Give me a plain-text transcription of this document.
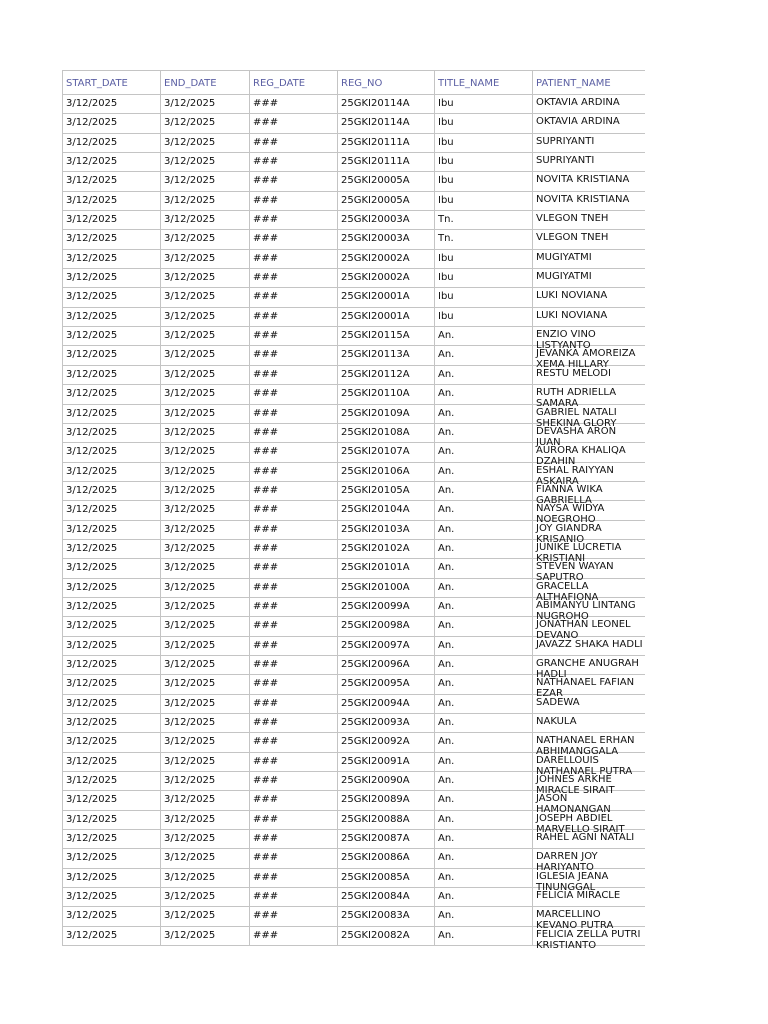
START_DATE	END_DATE	REG_DATE	REG_NO	TITLE_NAME	PATIENT_NAME
3/12/2025	3/12/2025	###	25GKI20114A	Ibu	OKTAVIA ARDINA
3/12/2025	3/12/2025	###	25GKI20114A	Ibu	OKTAVIA ARDINA
3/12/2025	3/12/2025	###	25GKI20111A	Ibu	SUPRIYANTI
3/12/2025	3/12/2025	###	25GKI20111A	Ibu	SUPRIYANTI
3/12/2025	3/12/2025	###	25GKI20005A	Ibu	NOVITA KRISTIANA
3/12/2025	3/12/2025	###	25GKI20005A	Ibu	NOVITA KRISTIANA
3/12/2025	3/12/2025	###	25GKI20003A	Tn.	VLEGON TNEH
3/12/2025	3/12/2025	###	25GKI20003A	Tn.	VLEGON TNEH
3/12/2025	3/12/2025	###	25GKI20002A	Ibu	MUGIYATMI
3/12/2025	3/12/2025	###	25GKI20002A	Ibu	MUGIYATMI
3/12/2025	3/12/2025	###	25GKI20001A	Ibu	LUKI NOVIANA
3/12/2025	3/12/2025	###	25GKI20001A	Ibu	LUKI NOVIANA
3/12/2025	3/12/2025	###	25GKI20115A	An.	ENZIO VINO LISTYANTO
3/12/2025	3/12/2025	###	25GKI20113A	An.	JEVANKA AMOREIZA XEMA HILLARY
3/12/2025	3/12/2025	###	25GKI20112A	An.	RESTU MELODI
3/12/2025	3/12/2025	###	25GKI20110A	An.	RUTH ADRIELLA SAMARA
3/12/2025	3/12/2025	###	25GKI20109A	An.	GABRIEL NATALI SHEKINA GLORY
3/12/2025	3/12/2025	###	25GKI20108A	An.	DEVASHA ARON JUAN
3/12/2025	3/12/2025	###	25GKI20107A	An.	AURORA KHALIQA DZAHIN
3/12/2025	3/12/2025	###	25GKI20106A	An.	ESHAL RAIYYAN ASKAIRA
3/12/2025	3/12/2025	###	25GKI20105A	An.	FIANNA WIKA GABRIELLA
3/12/2025	3/12/2025	###	25GKI20104A	An.	NAYSA WIDYA NOEGROHO
3/12/2025	3/12/2025	###	25GKI20103A	An.	JOY GIANDRA KRISANIO
3/12/2025	3/12/2025	###	25GKI20102A	An.	JUNIKE LUCRETIA KRISTIANI
3/12/2025	3/12/2025	###	25GKI20101A	An.	STEVEN WAYAN SAPUTRO
3/12/2025	3/12/2025	###	25GKI20100A	An.	GRACELLA ALTHAFIONA
3/12/2025	3/12/2025	###	25GKI20099A	An.	ABIMANYU LINTANG NUGROHO
3/12/2025	3/12/2025	###	25GKI20098A	An.	JONATHAN LEONEL DEVANO
3/12/2025	3/12/2025	###	25GKI20097A	An.	JAVAZZ SHAKA HADLI
3/12/2025	3/12/2025	###	25GKI20096A	An.	GRANCHE ANUGRAH HADLI
3/12/2025	3/12/2025	###	25GKI20095A	An.	NATHANAEL FAFIAN EZAR
3/12/2025	3/12/2025	###	25GKI20094A	An.	SADEWA
3/12/2025	3/12/2025	###	25GKI20093A	An.	NAKULA
3/12/2025	3/12/2025	###	25GKI20092A	An.	NATHANAEL ERHAN ABHIMANGGALA
3/12/2025	3/12/2025	###	25GKI20091A	An.	DARELLOUIS NATHANAEL PUTRA
3/12/2025	3/12/2025	###	25GKI20090A	An.	JOHNES ARKHE MIRACLE SIRAIT
3/12/2025	3/12/2025	###	25GKI20089A	An.	JASON HAMONANGAN
3/12/2025	3/12/2025	###	25GKI20088A	An.	JOSEPH ABDIEL MARVELLO SIRAIT
3/12/2025	3/12/2025	###	25GKI20087A	An.	RAHEL AGNI NATALI
3/12/2025	3/12/2025	###	25GKI20086A	An.	DARREN JOY HARIYANTO
3/12/2025	3/12/2025	###	25GKI20085A	An.	IGLESIA JEANA TINUNGGAL
3/12/2025	3/12/2025	###	25GKI20084A	An.	FELICIA MIRACLE
3/12/2025	3/12/2025	###	25GKI20083A	An.	MARCELLINO KEVANO PUTRA
3/12/2025	3/12/2025	###	25GKI20082A	An.	FELICIA ZELLA PUTRI KRISTIANTO
